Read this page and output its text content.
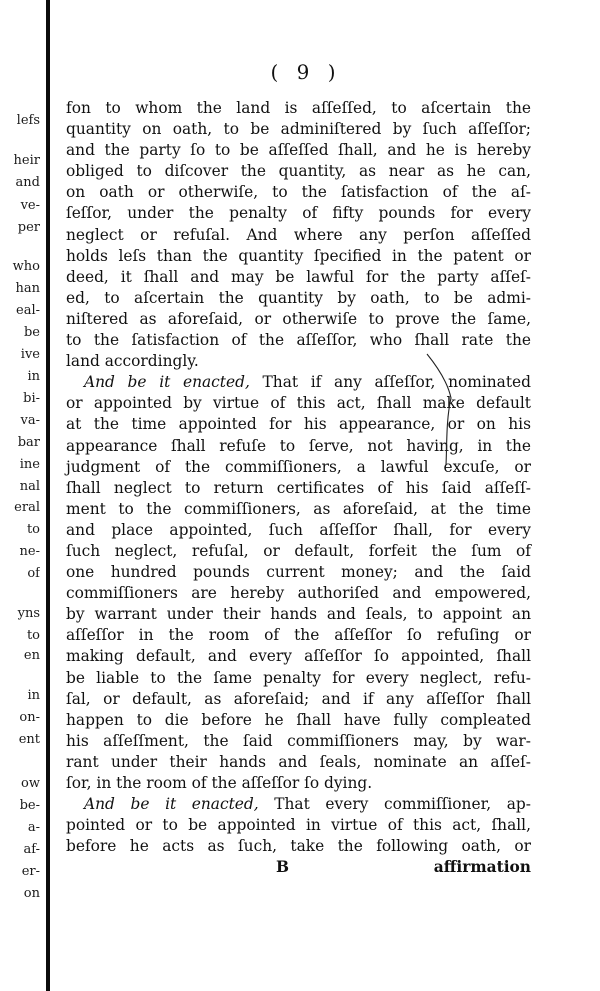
lefs
heir
and
ve-
per
who
han
eal-
be
ive
in
bi-
va-
bar
ine
nal
eral
to
ne-
of
yns
to
en
in
on-
ent
ow
be-
a-
af-
er-
on
( 9 )
fon to whom the land is aſſeſſed, to aſcertain the
quantity on oath, to be adminiſtered by ſuch aſſeſſor;
and the party ſo to be aſſeſſed ſhall, and he is hereby
obliged to diſcover the quantity, as near as he can,
on oath or otherwiſe, to the ſatisfaction of the aſ-
ſeſſor, under the penalty of fifty pounds for every
neglect or refuſal. And where any perſon aſſeſſed
holds leſs than the quantity ſpecified in the patent or
deed, it ſhall and may be lawful for the party aſſeſ-
ed, to aſcertain the quantity by oath, to be admi-
niſtered as aforeſaid, or otherwiſe to prove the ſame,
to the ſatisfaction of the aſſeſſor, who ſhall rate the
land accordingly.
And be it enacted, That if any aſſeſſor, nominated
or appointed by virtue of this act, ſhall make default
at the time appointed for his appearance, or on his
appearance ſhall refuſe to ſerve, not having, in the
judgment of the commiſſioners, a lawful excuſe, or
ſhall neglect to return certificates of his ſaid aſſeſſ-
ment to the commiſſioners, as aforeſaid, at the time
and place appointed, ſuch aſſeſſor ſhall, for every
ſuch neglect, refuſal, or default, forfeit the ſum of
one hundred pounds current money; and the ſaid
commiſſioners are hereby authoriſed and empowered,
by warrant under their hands and ſeals, to appoint an
aſſeſſor in the room of the aſſeſſor ſo refuſing or
making default, and every aſſeſſor ſo appointed, ſhall
be liable to the ſame penalty for every neglect, refu-
ſal, or default, as aforeſaid; and if any aſſeſſor ſhall
happen to die before he ſhall have fully compleated
his aſſeſſment, the ſaid commiſſioners may, by war-
rant under their hands and ſeals, nominate an aſſeſ-
ſor, in the room of the aſſeſſor ſo dying.
And be it enacted, That every commiſſioner, ap-
pointed or to be appointed in virtue of this act, ſhall,
before he acts as ſuch, take the following oath, or
B	affirmation
